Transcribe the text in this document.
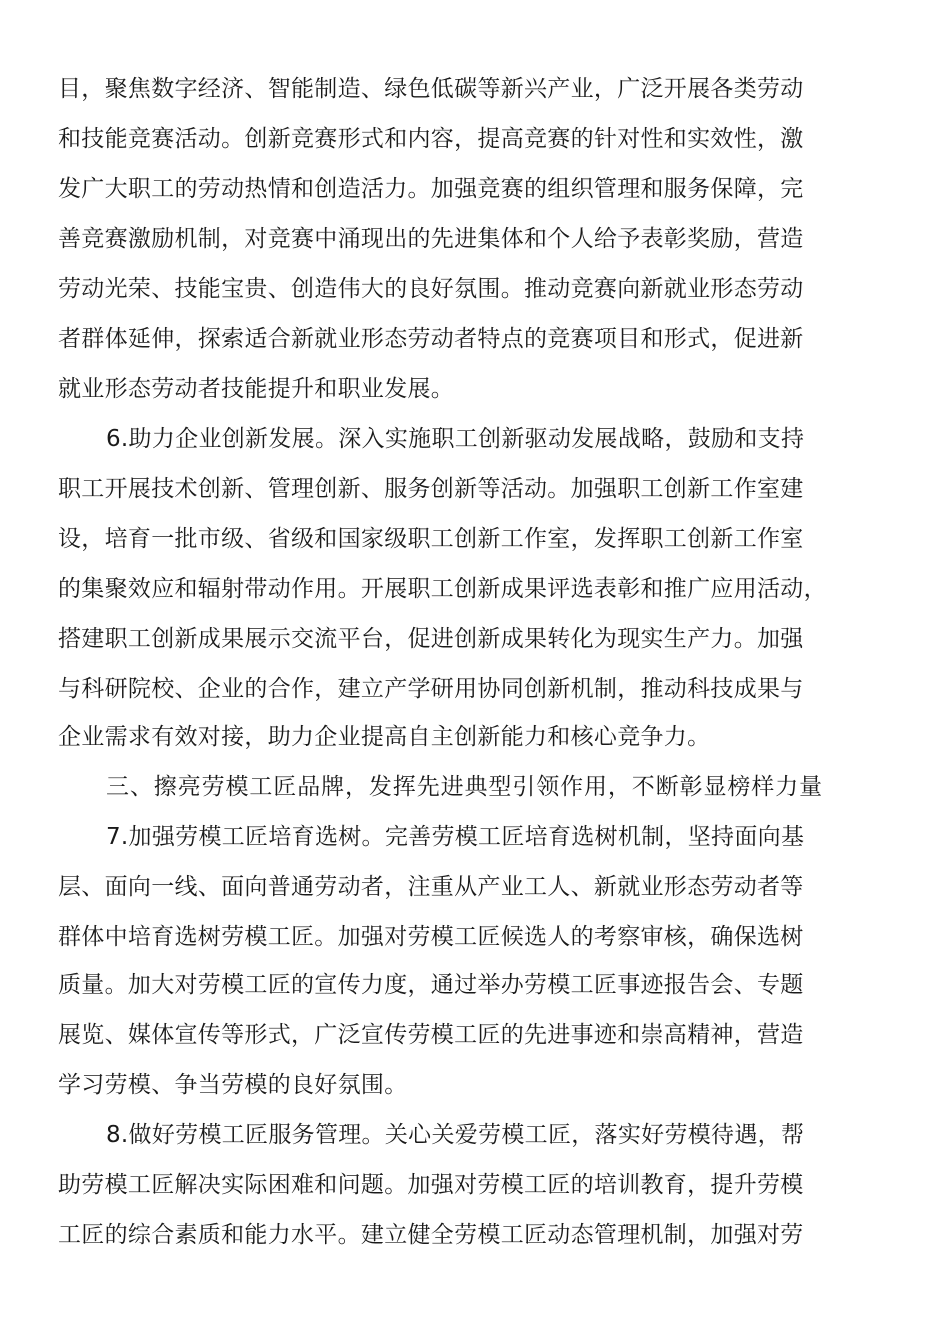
目，聚焦数字经济、智能制造、绿色低碳等新兴产业，广泛开展各类劳动
和技能竞赛活动。创新竞赛形式和内容，提高竞赛的针对性和实效性，激
发广大职工的劳动热情和创造活力。加强竞赛的组织管理和服务保障，完
善竞赛激励机制，对竞赛中涌现出的先进集体和个人给予表彰奖励，营造
劳动光荣、技能宝贵、创造伟大的良好氛围。推动竞赛向新就业形态劳动
者群体延伸，探索适合新就业形态劳动者特点的竞赛项目和形式，促进新
就业形态劳动者技能提升和职业发展。
6.助力企业创新发展。深入实施职工创新驱动发展战略，鼓励和支持
职工开展技术创新、管理创新、服务创新等活动。加强职工创新工作室建
设，培育一批市级、省级和国家级职工创新工作室，发挥职工创新工作室
的集聚效应和辐射带动作用。开展职工创新成果评选表彰和推广应用活动，
搭建职工创新成果展示交流平台，促进创新成果转化为现实生产力。加强
与科研院校、企业的合作，建立产学研用协同创新机制，推动科技成果与
企业需求有效对接，助力企业提高自主创新能力和核心竞争力。
三、擦亮劳模工匠品牌，发挥先进典型引领作用，不断彰显榜样力量
7.加强劳模工匠培育选树。完善劳模工匠培育选树机制，坚持面向基
层、面向一线、面向普通劳动者，注重从产业工人、新就业形态劳动者等
群体中培育选树劳模工匠。加强对劳模工匠候选人的考察审核，确保选树
质量。加大对劳模工匠的宣传力度，通过举办劳模工匠事迹报告会、专题
展览、媒体宣传等形式，广泛宣传劳模工匠的先进事迹和崇高精神，营造
学习劳模、争当劳模的良好氛围。
8.做好劳模工匠服务管理。关心关爱劳模工匠，落实好劳模待遇，帮
助劳模工匠解决实际困难和问题。加强对劳模工匠的培训教育，提升劳模
工匠的综合素质和能力水平。建立健全劳模工匠动态管理机制，加强对劳
